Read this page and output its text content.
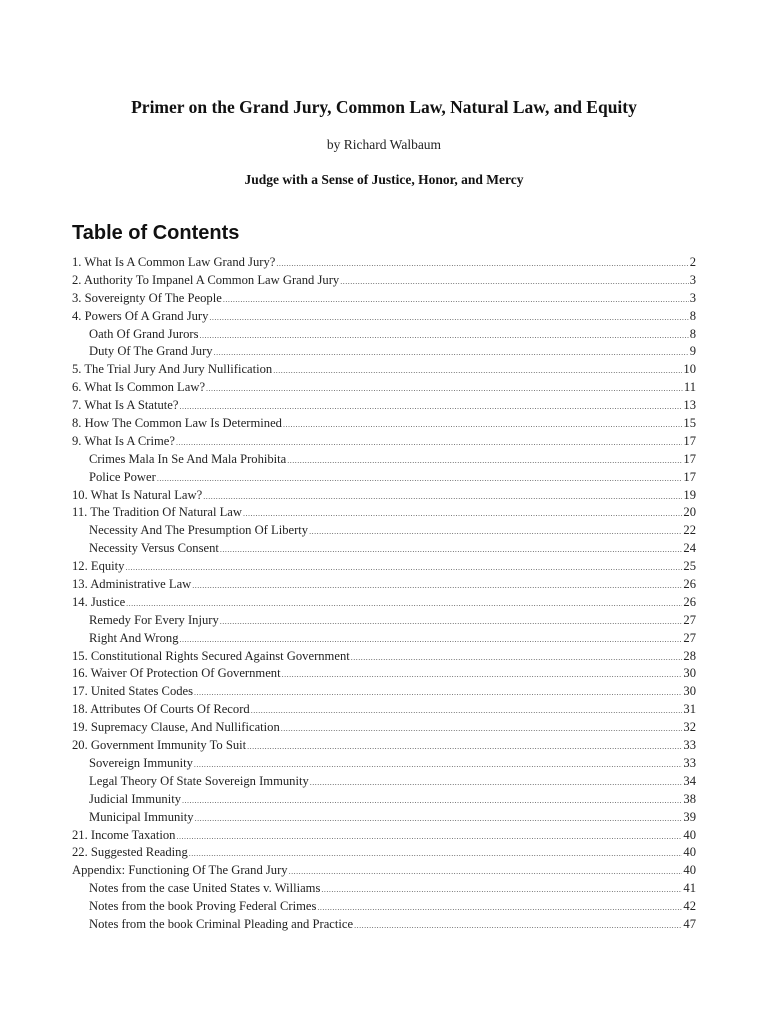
Primer on the Grand Jury, Common Law, Natural Law, and Equity
by Richard Walbaum
Judge with a Sense of Justice, Honor, and Mercy
Table of Contents
1. What Is A Common Law Grand Jury? .....	2
2. Authority To Impanel A Common Law Grand Jury .....	3
3. Sovereignty Of The People .....	3
4. Powers Of A Grand Jury .....	8
Oath Of Grand Jurors .....	8
Duty Of The Grand Jury .....	9
5. The Trial Jury And Jury Nullification .....	10
6. What Is Common Law? .....	11
7. What Is A Statute? .....	13
8. How The Common Law Is Determined .....	15
9. What Is A Crime? .....	17
Crimes Mala In Se And Mala Prohibita .....	17
Police Power .....	17
10. What Is Natural Law? .....	19
11. The Tradition Of Natural Law .....	20
Necessity And The Presumption Of Liberty .....	22
Necessity Versus Consent .....	24
12. Equity .....	25
13. Administrative Law .....	26
14. Justice .....	26
Remedy For Every Injury .....	27
Right And Wrong .....	27
15. Constitutional Rights Secured Against Government .....	28
16. Waiver Of Protection Of Government .....	30
17. United States Codes .....	30
18. Attributes Of Courts Of Record .....	31
19. Supremacy Clause, And Nullification .....	32
20. Government Immunity To Suit .....	33
Sovereign Immunity .....	33
Legal Theory Of State Sovereign Immunity .....	34
Judicial Immunity .....	38
Municipal Immunity .....	39
21. Income Taxation .....	40
22. Suggested Reading .....	40
Appendix: Functioning Of The Grand Jury .....	40
Notes from the case United States v. Williams .....	41
Notes from the book Proving Federal Crimes .....	42
Notes from the book Criminal Pleading and Practice .....	47
